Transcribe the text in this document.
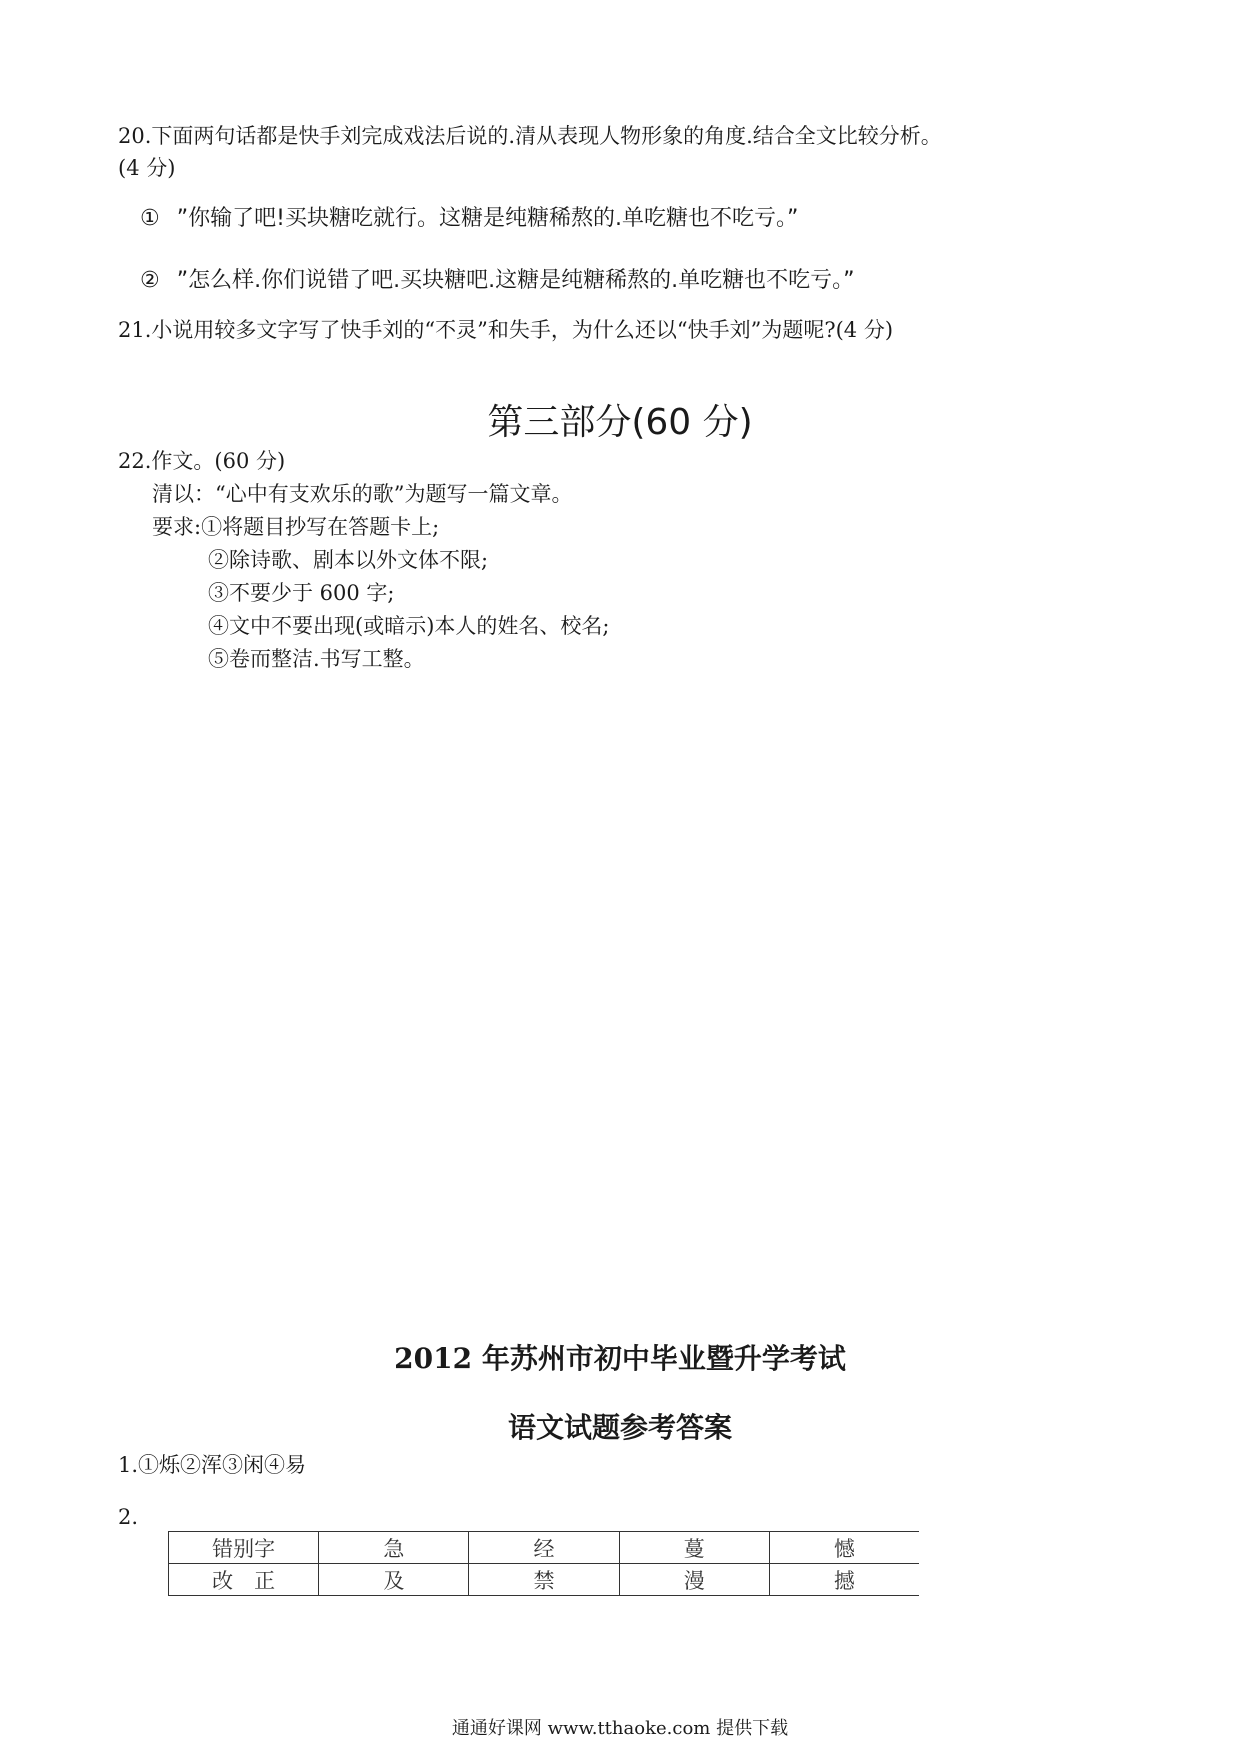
20.下面两句话都是快手刘完成戏法后说的.清从表现人物形象的角度.结合全文比较分析。
(4 分)
① ”你输了吧!买块糖吃就行。这糖是纯糖稀熬的.单吃糖也不吃亏。”
② ”怎么样.你们说错了吧.买块糖吧.这糖是纯糖稀熬的.单吃糖也不吃亏。”
21.小说用较多文字写了快手刘的“不灵”和失手，为什么还以“快手刘”为题呢?(4 分)
第三部分(60 分)
22.作文。(60 分)
清以：“心中有支欢乐的歌”为题写一篇文章。
要求:①将题目抄写在答题卡上;
②除诗歌、剧本以外文体不限;
③不要少于 600 字;
④文中不要出现(或暗示)本人的姓名、校名;
⑤卷而整洁.书写工整。
2012 年苏州市初中毕业暨升学考试
语文试题参考答案
1.①烁②浑③闲④易
2.
错别字	急	经	蔓	憾
改　正	及	禁	漫	撼
通通好课网 www.tthaoke.com 提供下载
